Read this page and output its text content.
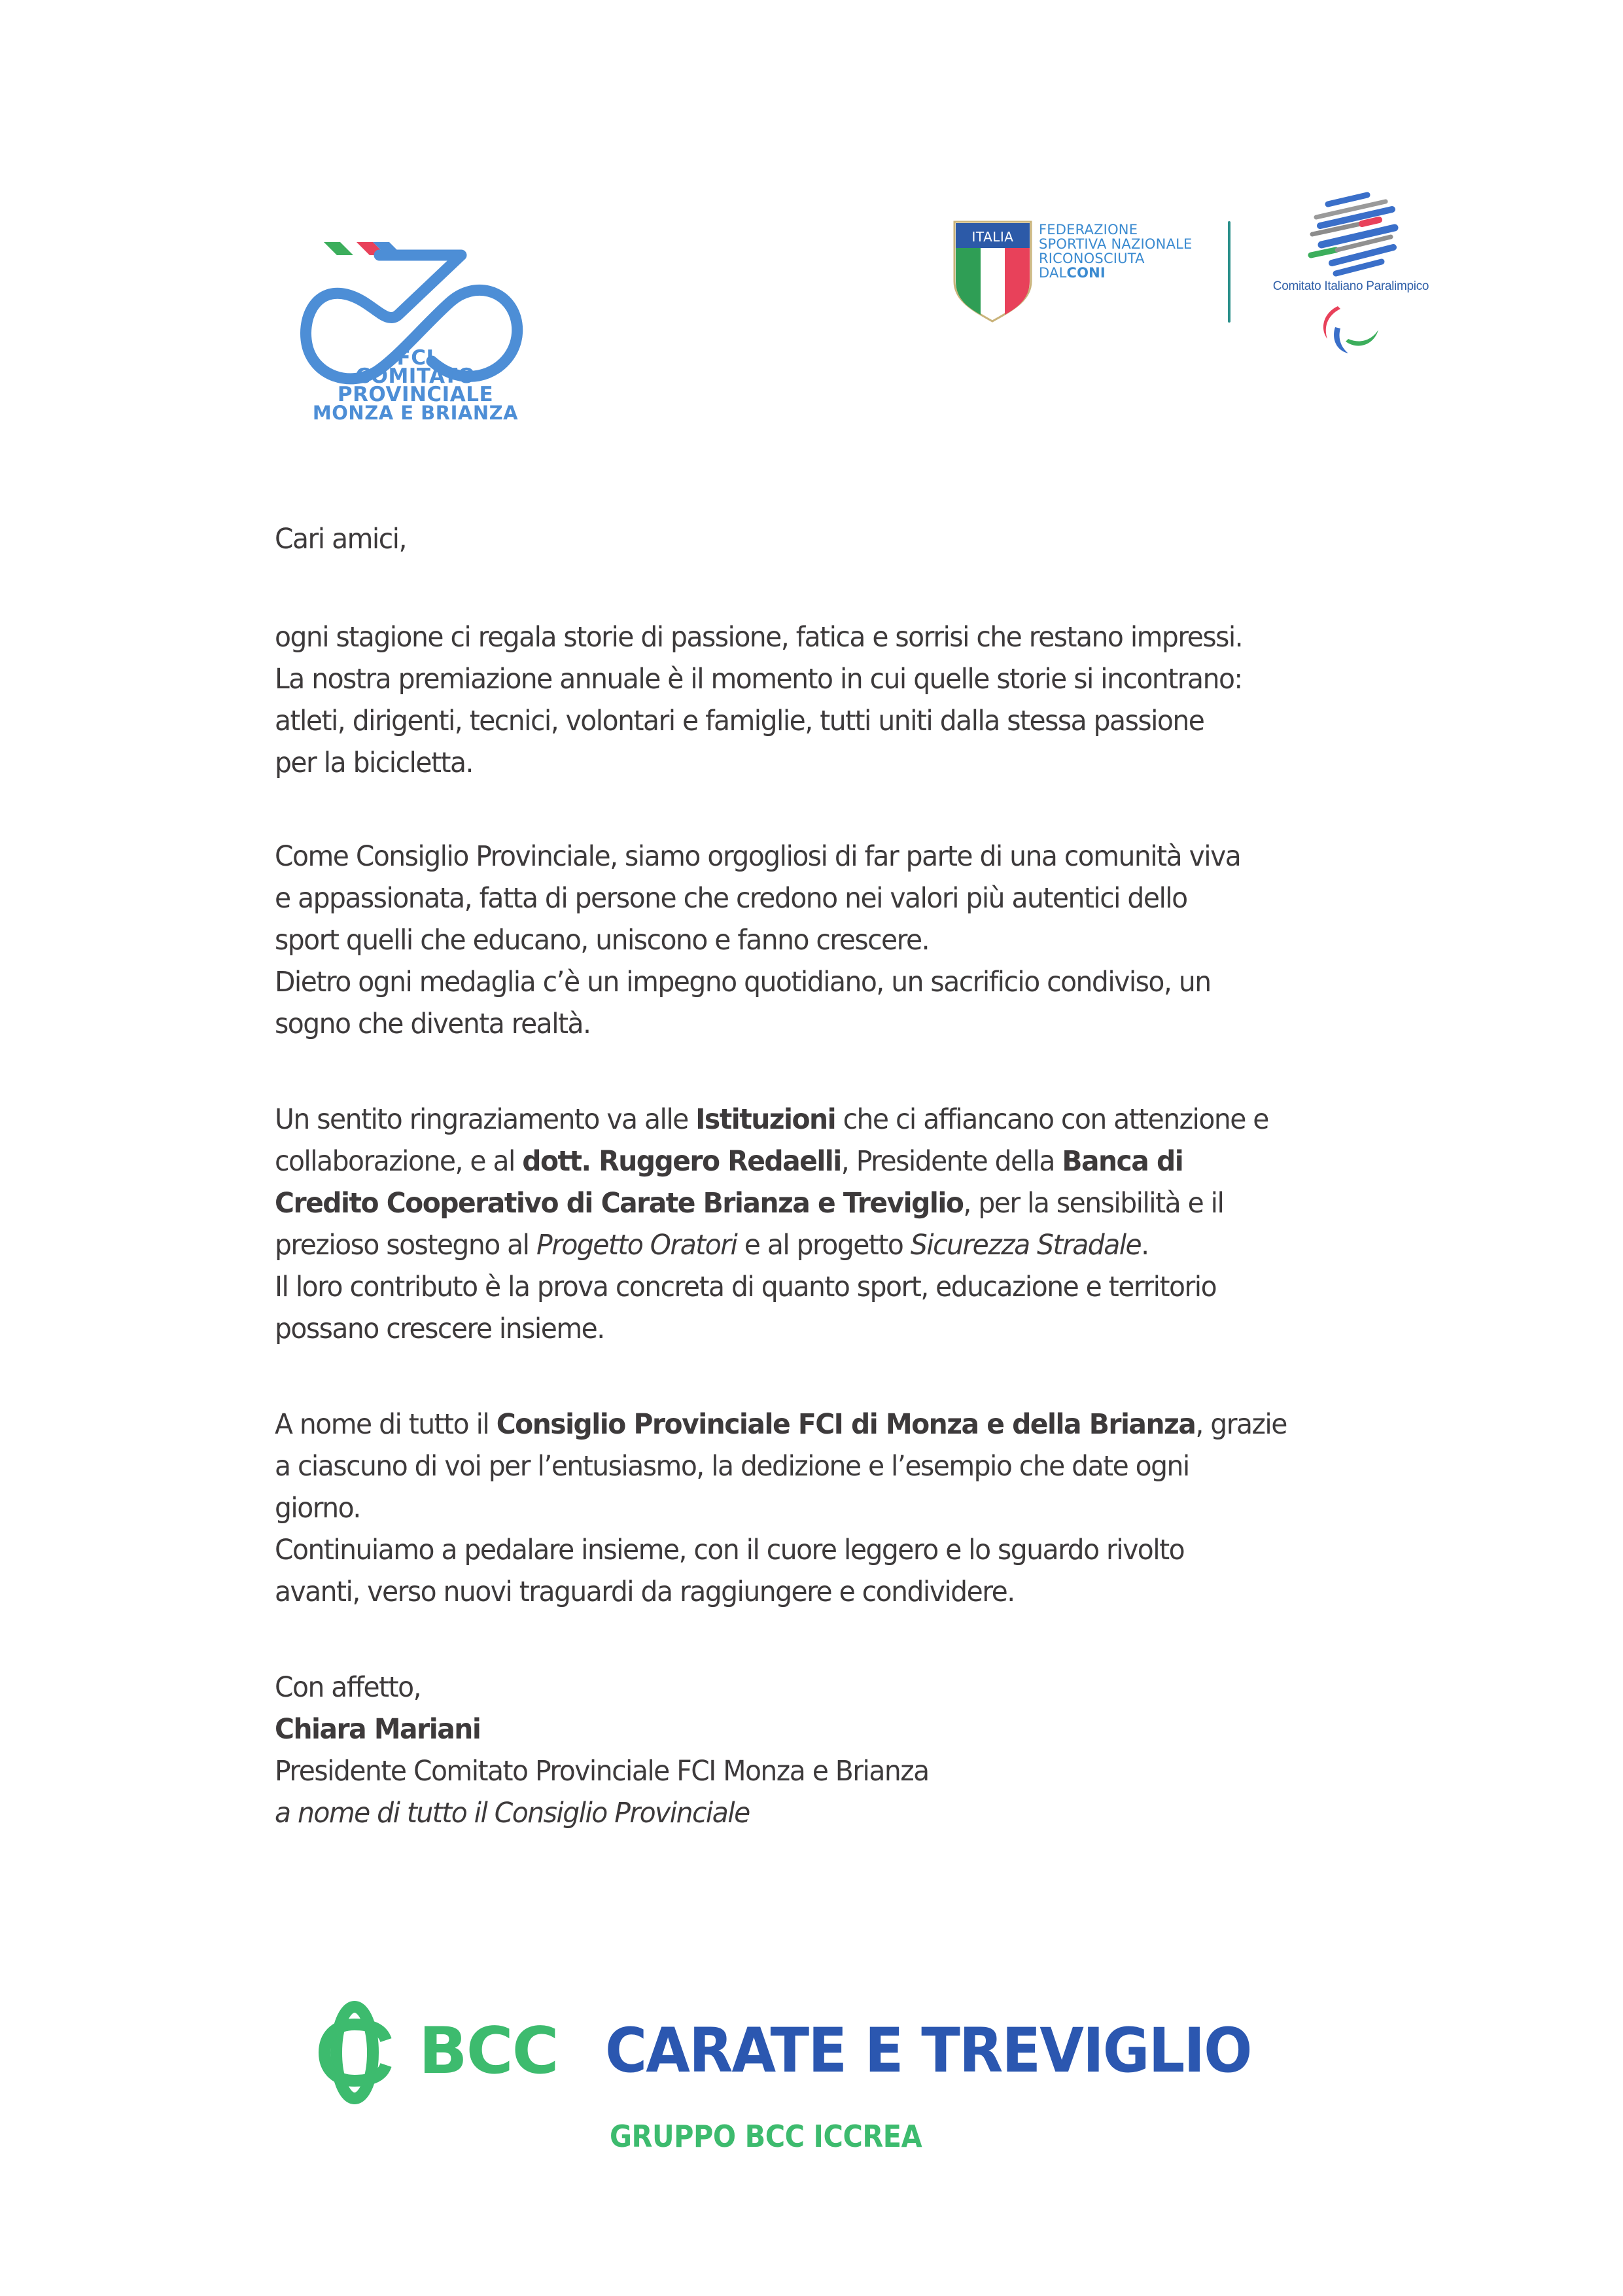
FCI
COMITATO
PROVINCIALE
MONZA E BRIANZA
ITALIA FEDERAZIONE
SPORTIVA NAZIONALE
RICONOSCIUTA
DALCONI
Comitato Italiano Paralimpico
Cari amici,
ogni stagione ci regala storie di passione, fatica e sorrisi che restano impressi.
La nostra premiazione annuale è il momento in cui quelle storie si incontrano:
atleti, dirigenti, tecnici, volontari e famiglie, tutti uniti dalla stessa passione
per la bicicletta.
Come Consiglio Provinciale, siamo orgogliosi di far parte di una comunità viva
e appassionata, fatta di persone che credono nei valori più autentici dello
sport quelli che educano, uniscono e fanno crescere.
Dietro ogni medaglia c’è un impegno quotidiano, un sacrificio condiviso, un
sogno che diventa realtà.
Un sentito ringraziamento va alle Istituzioni che ci affiancano con attenzione e
collaborazione, e al dott. Ruggero Redaelli, Presidente della Banca di
Credito Cooperativo di Carate Brianza e Treviglio, per la sensibilità e il
prezioso sostegno al Progetto Oratori e al progetto Sicurezza Stradale.
Il loro contributo è la prova concreta di quanto sport, educazione e territorio
possano crescere insieme.
A nome di tutto il Consiglio Provinciale FCI di Monza e della Brianza, grazie
a ciascuno di voi per l’entusiasmo, la dedizione e l’esempio che date ogni
giorno.
Continuiamo a pedalare insieme, con il cuore leggero e lo sguardo rivolto
avanti, verso nuovi traguardi da raggiungere e condividere.
Con affetto,
Chiara Mariani
Presidente Comitato Provinciale FCI Monza e Brianza
a nome di tutto il Consiglio Provinciale
BCC CARATE E TREVIGLIO
GRUPPO BCC ICCREA
